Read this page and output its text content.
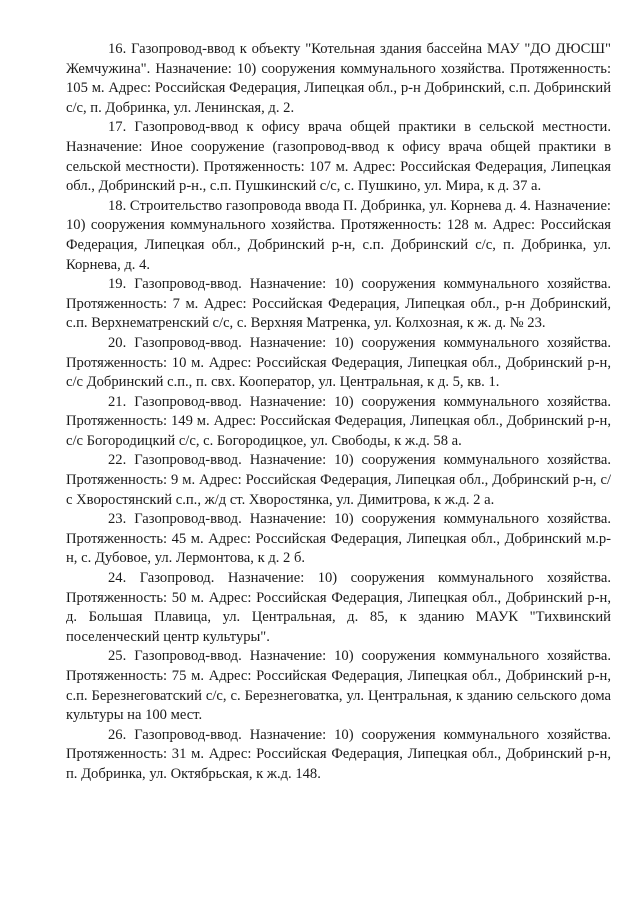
16. Газопровод-ввод к объекту "Котельная здания бассейна МАУ "ДО ДЮСШ" Жемчужина". Назначение: 10) сооружения коммунального хозяйства. Протяженность: 105 м. Адрес: Российская Федерация, Липецкая обл., р-н Добринский, с.п. Добринский с/с, п. Добринка, ул. Ленинская, д. 2.

17. Газопровод-ввод к офису врача общей практики в сельской местности. Назначение: Иное сооружение (газопровод-ввод к офису врача общей практики в сельской местности). Протяженность: 107 м. Адрес: Российская Федерация, Липецкая обл., Добринский р-н., с.п. Пушкинский с/с, с. Пушкино, ул. Мира, к д. 37 а.

18. Строительство газопровода ввода П. Добринка, ул. Корнева д. 4. Назначение: 10) сооружения коммунального хозяйства. Протяженность: 128 м. Адрес: Российская Федерация, Липецкая обл., Добринский р-н, с.п. Добринский с/с, п. Добринка, ул. Корнева, д. 4.

19. Газопровод-ввод. Назначение: 10) сооружения коммунального хозяйства. Протяженность: 7 м. Адрес: Российская Федерация, Липецкая обл., р-н Добринский, с.п. Верхнематренский с/с, с. Верхняя Матренка, ул. Колхозная, к ж. д. № 23.

20. Газопровод-ввод. Назначение: 10) сооружения коммунального хозяйства. Протяженность: 10 м. Адрес: Российская Федерация, Липецкая обл., Добринский р-н, с/с Добринский с.п., п. свх. Кооператор, ул. Центральная, к д. 5, кв. 1.

21. Газопровод-ввод. Назначение: 10) сооружения коммунального хозяйства. Протяженность: 149 м. Адрес: Российская Федерация, Липецкая обл., Добринский р-н, с/с Богородицкий с/с, с. Богородицкое, ул. Свободы, к ж.д. 58 а.

22. Газопровод-ввод. Назначение: 10) сооружения коммунального хозяйства. Протяженность: 9 м. Адрес: Российская Федерация, Липецкая обл., Добринский р-н, с/с Хворостянский с.п., ж/д ст. Хворостянка, ул. Димитрова, к ж.д. 2 а.

23. Газопровод-ввод. Назначение: 10) сооружения коммунального хозяйства. Протяженность: 45 м. Адрес: Российская Федерация, Липецкая обл., Добринский м.р-н, с. Дубовое, ул. Лермонтова, к д. 2 б.

24. Газопровод. Назначение: 10) сооружения коммунального хозяйства. Протяженность: 50 м. Адрес: Российская Федерация, Липецкая обл., Добринский р-н, д. Большая Плавица, ул. Центральная, д. 85, к зданию МАУК "Тихвинский поселенческий центр культуры".

25. Газопровод-ввод. Назначение: 10) сооружения коммунального хозяйства. Протяженность: 75 м. Адрес: Российская Федерация, Липецкая обл., Добринский р-н, с.п. Березнеговатский с/с, с. Березнеговатка, ул. Центральная, к зданию сельского дома культуры на 100 мест.

26. Газопровод-ввод. Назначение: 10) сооружения коммунального хозяйства. Протяженность: 31 м. Адрес: Российская Федерация, Липецкая обл., Добринский р-н, п. Добринка, ул. Октябрьская, к ж.д. 148.
